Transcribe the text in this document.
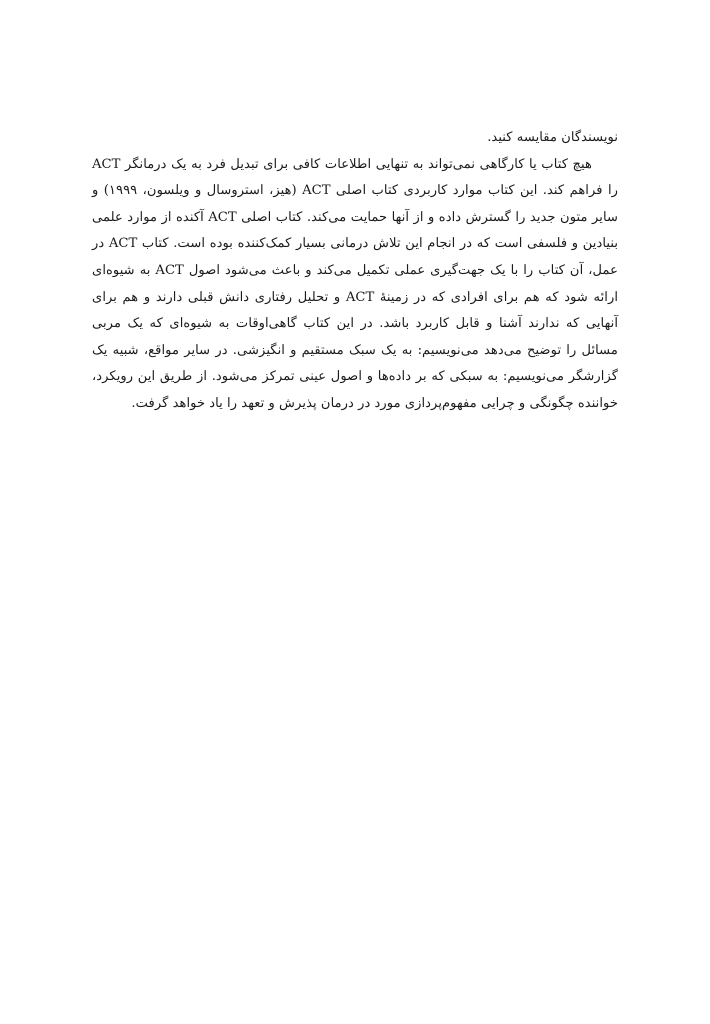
نویسندگان مقایسه کنید.

هیچ کتاب یا کارگاهی نمی‌تواند به تنهایی اطلاعات کافی برای تبدیل فرد به یک درمانگر ACT را فراهم کند. این کتاب موارد کاربردی کتاب اصلی ACT (هیز، استروسال و ویلسون، ۱۹۹۹) و سایر متون جدید را گسترش داده و از آنها حمایت می‌کند. کتاب اصلی ACT آکنده از موارد علمی بنیادین و فلسفی است که در انجام این تلاش درمانی بسیار کمک‌کننده بوده است. کتاب ACT در عمل، آن کتاب را با یک جهت‌گیری عملی تکمیل می‌کند و باعث می‌شود اصول ACT به شیوه‌ای ارائه شود که هم برای افرادی که در زمینهٔ ACT و تحلیل رفتاری دانش قبلی دارند و هم برای آنهایی که ندارند آشنا و قابل کاربرد باشد. در این کتاب گاهی‌اوقات به شیوه‌ای که یک مربی مسائل را توضیح می‌دهد می‌نویسیم: به یک سبک مستقیم و انگیزشی. در سایر مواقع، شبیه یک گزارشگر می‌نویسیم: به سبکی که بر داده‌ها و اصول عینی تمرکز می‌شود. از طریق این رویکرد، خواننده چگونگی و چرایی مفهوم‌پردازی مورد در درمان پذیرش و تعهد را یاد خواهد گرفت.
